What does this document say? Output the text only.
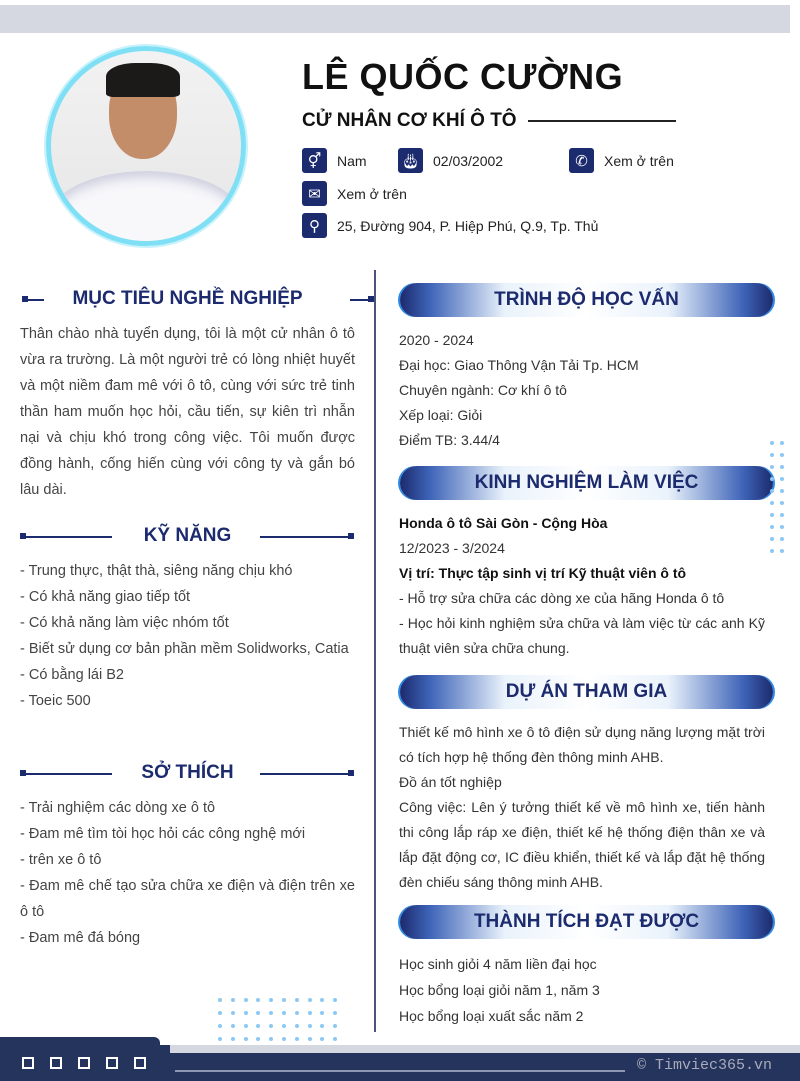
LÊ QUỐC CƯỜNG
CỬ NHÂN CƠ KHÍ Ô TÔ
⚥	Nam 🎂︎ 02/03/2002	✆	Xem ở trên
✉	Xem ở trên
⚲	25, Đường 904, P. Hiệp Phú, Q.9, Tp. Thủ
MỤC TIÊU NGHỀ NGHIỆP
Thân chào nhà tuyển dụng, tôi là một cử nhân ô tô vừa ra trường. Là một người trẻ có lòng nhiệt huyết và một niềm đam mê với ô tô, cùng với sức trẻ tinh thần ham muốn học hỏi, cầu tiến, sự kiên trì nhẫn nại và chịu khó trong công việc. Tôi muốn được đồng hành, cống hiến cùng với công ty và gắn bó lâu dài.
KỸ NĂNG
- Trung thực, thật thà, siêng năng chịu khó
- Có khả năng giao tiếp tốt
- Có khả năng làm việc nhóm tốt
- Biết sử dụng cơ bản phần mềm Solidworks, Catia
- Có bằng lái B2
- Toeic 500
SỞ THÍCH
- Trải nghiệm các dòng xe ô tô
- Đam mê tìm tòi học hỏi các công nghệ mới
- trên xe ô tô
- Đam mê chế tạo sửa chữa xe điện và điện trên xe ô tô
- Đam mê đá bóng
TRÌNH ĐỘ HỌC VẤN
2020 - 2024
Đại học: Giao Thông Vận Tải Tp. HCM
Chuyên ngành: Cơ khí ô tô
Xếp loại: Giỏi
Điểm TB: 3.44/4
KINH NGHIỆM LÀM VIỆC
Honda ô tô Sài Gòn - Cộng Hòa
12/2023 - 3/2024
Vị trí: Thực tập sinh vị trí Kỹ thuật viên ô tô
- Hỗ trợ sửa chữa các dòng xe của hãng Honda ô tô
- Học hỏi kinh nghiệm sửa chữa và làm việc từ các anh Kỹ thuật viên sửa chữa chung.
DỰ ÁN THAM GIA
Thiết kế mô hình xe ô tô điện sử dụng năng lượng mặt trời có tích hợp hệ thống đèn thông minh AHB.
Đồ án tốt nghiệp
Công việc: Lên ý tưởng thiết kế về mô hình xe, tiến hành thi công lắp ráp xe điện, thiết kế hệ thống điện thân xe và lắp đặt động cơ, IC điều khiển, thiết kế và lắp đặt hệ thống đèn chiếu sáng thông minh AHB.
THÀNH TÍCH ĐẠT ĐƯỢC
Học sinh giỏi 4 năm liền đại học
Học bổng loại giỏi năm 1, năm 3
Học bổng loại xuất sắc năm 2
© Timviec365.vn
